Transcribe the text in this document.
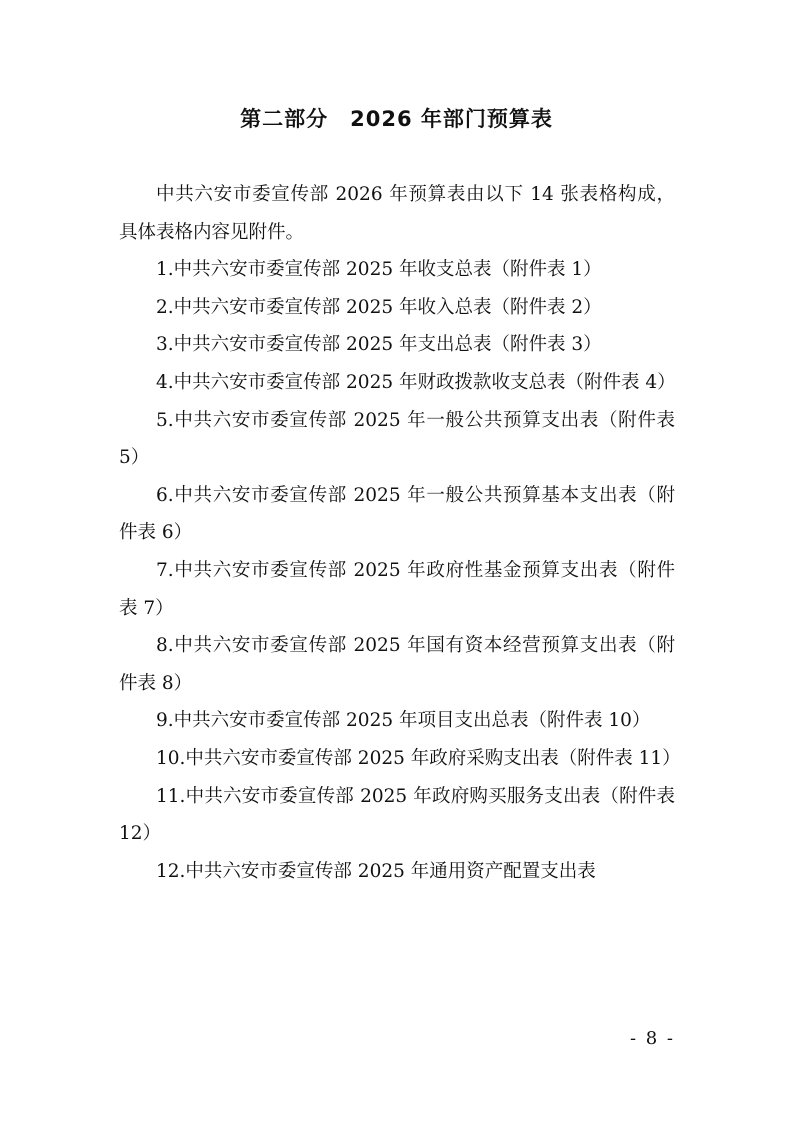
第二部分　2026 年部门预算表

中共六安市委宣传部 2026 年预算表由以下 14 张表格构成，具体表格内容见附件。

1.中共六安市委宣传部 2025 年收支总表（附件表 1）

2.中共六安市委宣传部 2025 年收入总表（附件表 2）

3.中共六安市委宣传部 2025 年支出总表（附件表 3）

4.中共六安市委宣传部 2025 年财政拨款收支总表（附件表 4）

5.中共六安市委宣传部 2025 年一般公共预算支出表（附件表 5）

6.中共六安市委宣传部 2025 年一般公共预算基本支出表（附件表 6）

7.中共六安市委宣传部 2025 年政府性基金预算支出表（附件表 7）

8.中共六安市委宣传部 2025 年国有资本经营预算支出表（附件表 8）

9.中共六安市委宣传部 2025 年项目支出总表（附件表 10）

10.中共六安市委宣传部 2025 年政府采购支出表（附件表 11）

11.中共六安市委宣传部 2025 年政府购买服务支出表（附件表 12）

12.中共六安市委宣传部 2025 年通用资产配置支出表

- 8 -
